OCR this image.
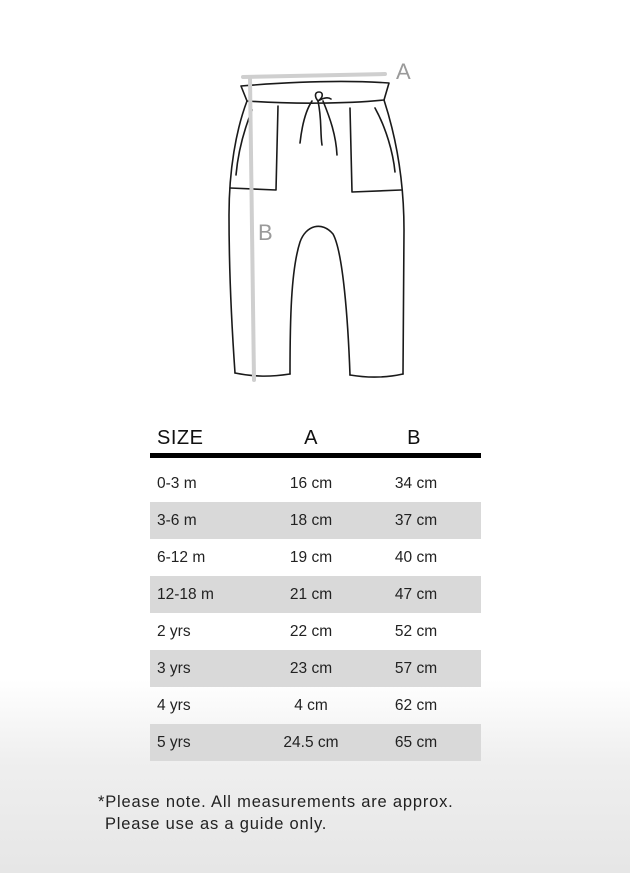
A
B
SIZE	A	B
0-3 m	16 cm	34 cm
3-6 m	18 cm	37 cm
6-12 m	19 cm	40 cm
12-18 m	21 cm	47 cm
2 yrs	22 cm	52 cm
3 yrs	23 cm	57 cm
4 yrs	4 cm	62 cm
5 yrs	24.5 cm	65 cm
*Please note. All measurements are approx.
Please use as a guide only.
